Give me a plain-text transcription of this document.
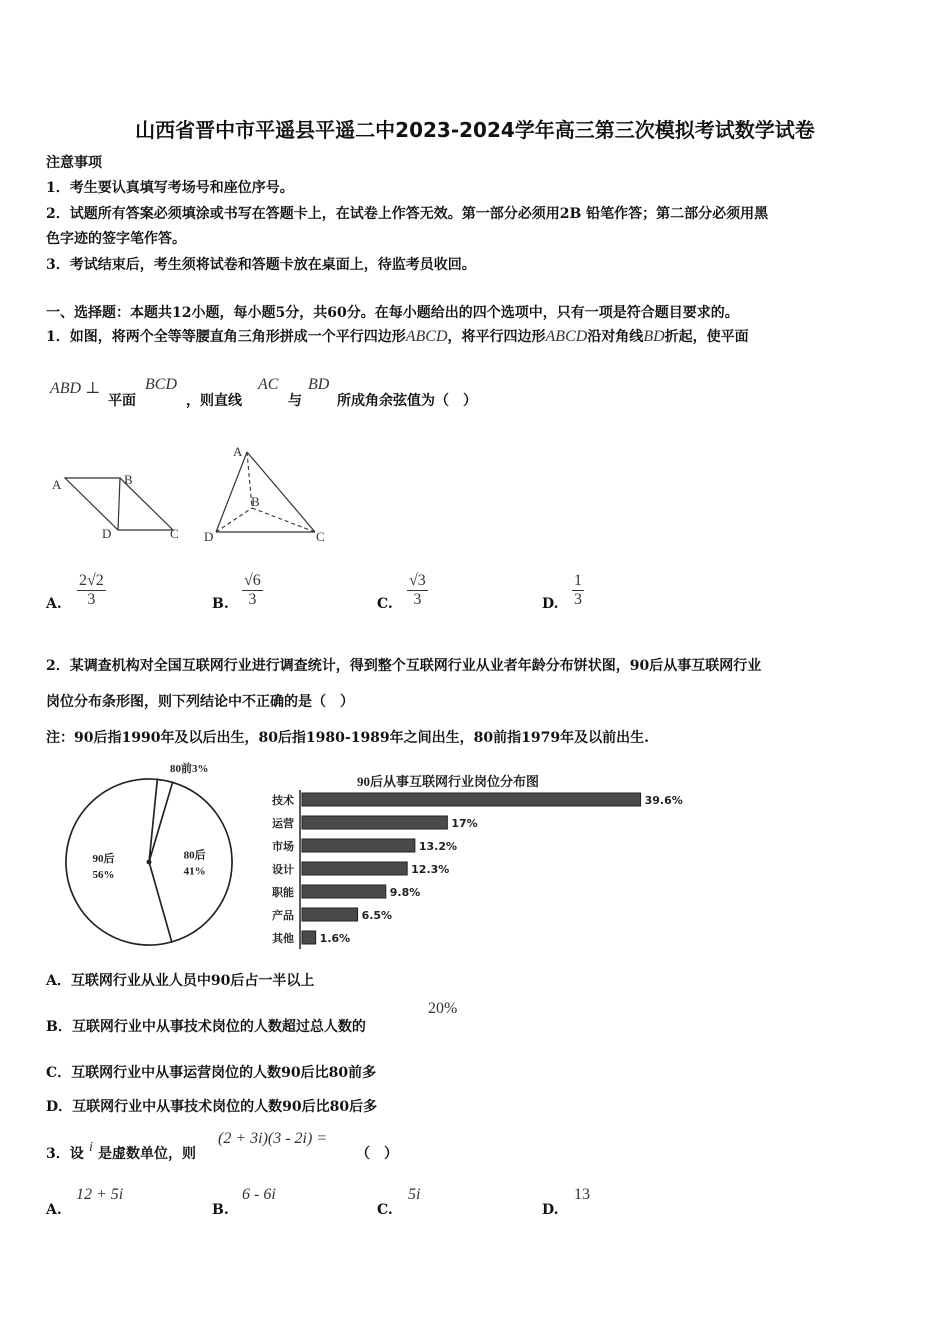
山西省晋中市平遥县平遥二中2023-2024学年高三第三次模拟考试数学试卷
注意事项
1．考生要认真填写考场号和座位序号。
2．试题所有答案必须填涂或书写在答题卡上，在试卷上作答无效。第一部分必须用2B 铅笔作答；第二部分必须用黑
色字迹的签字笔作答。
3．考试结束后，考生须将试卷和答题卡放在桌面上，待监考员收回。
一、选择题：本题共12小题，每小题5分，共60分。在每小题给出的四个选项中，只有一项是符合题目要求的。
1．如图，将两个全等等腰直角三角形拼成一个平行四边形ABCD，将平行四边形ABCD沿对角线BD折起，使平面
ABD ⊥
平面
BCD
，则直线
AC
与
BD
所成角余弦值为（　）
A	B
D	C
A
B
D	C
A. $\frac{2√2}{3}$	B. $\frac{√6}{3}$	C. $\frac{√3}{3}$	D. $\frac{1}{3}$
2．某调查机构对全国互联网行业进行调查统计，得到整个互联网行业从业者年龄分布饼状图，90后从事互联网行业
岗位分布条形图，则下列结论中不正确的是（　）
注：90后指1990年及以后出生，80后指1980-1989年之间出生，80前指1979年及以前出生.
80后
41%
90后
56%
80前3%
90后从事互联网行业岗位分布图
技术	39.6%
运营	17%
市场	13.2%
设计	12.3%
职能	9.8%
产品	6.5%
其他 1.6%
A．互联网行业从业人员中90后占一半以上
B．互联网行业中从事技术岗位的人数超过总人数的
20%
C．互联网行业中从事运营岗位的人数90后比80前多
D．互联网行业中从事技术岗位的人数90后比80后多
3．设 i 是虚数单位，则
(2 + 3i)(3 - 2i) =
（　）
A.
12 + 5i
B.
6 - 6i
C.
5i
D.
13
